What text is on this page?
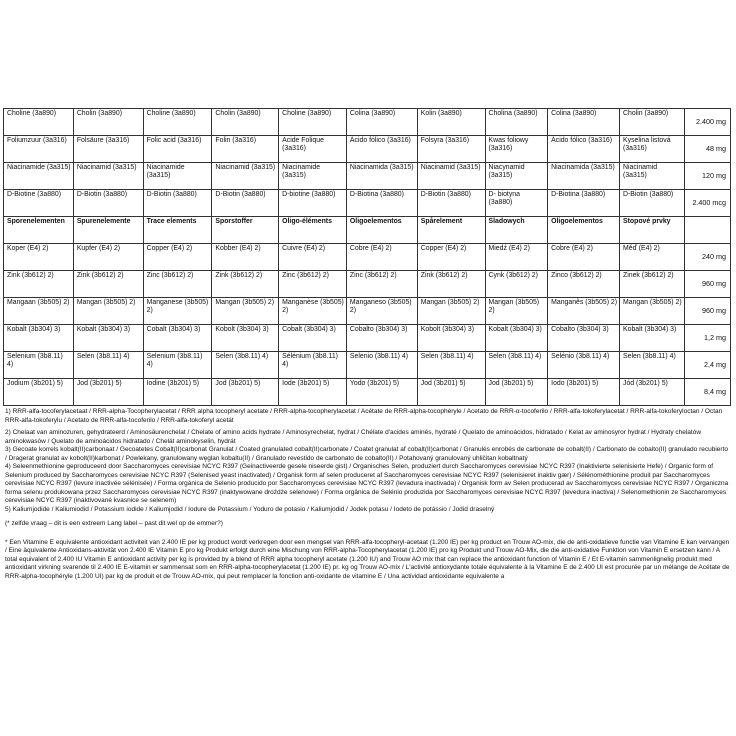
Choline (3a890)	Cholin (3a890)	Choline (3a890)	Cholin (3a890)	Choline (3a890)	Colina (3a890)	Kolin (3a890)	Cholina (3a890)	Colina (3a890)	Cholin (3a890)	2.400 mg
Foliumzuur (3a316)	Folsäure (3a316)	Folic acid (3a316)	Folin (3a316)	Acide Folique (3a316)	Ácido fólico (3a316)	Folsyra (3a316)	Kwas foliowy (3a316)	Ácido fólico (3a316)	Kyselina listová (3a316)	48 mg
Niacinamide (3a315)	Niacinamid (3a315)	Niacinamide (3a315)	Niacinamid (3a315)	Niacinamide (3a315)	Niacinamida (3a315)	Niacinamid (3a315)	Niacynamid (3a315)	Niacinamida (3a315)	Niacinamid (3a315)	120 mg
D-Biotine (3a880)	D-Biotin (3a880)	D-Biotin (3a880)	D-Biotin (3a880)	D-biotine (3a880)	D-Biotina (3a880)	D-Biotin (3a880)	D- biotyna (3a880)	D-Biotina (3a880)	D-Biotin (3a880)	2.400 mcg
Sporenelementen	Spurenelemente	Trace elements	Sporstoffer	Oligo-éléments	Oligoelementos	Spårelement	Śladowych	Oligoelementos	Stopové prvky	
Koper (E4) 2)	Kupfer (E4) 2)	Copper (E4) 2)	Kobber (E4) 2)	Cuivre (E4) 2)	Cobre (E4) 2)	Copper (E4) 2)	Miedź (E4) 2)	Cobre (E4) 2)	Měď (E4) 2)	240 mg
Zink (3b612) 2)	Zink (3b612) 2)	Zinc (3b612) 2)	Zink (3b612) 2)	Zinc (3b612) 2)	Zinc (3b612) 2)	Zink (3b612) 2)	Cynk (3b612) 2)	Zinco (3b612) 2)	Zinek (3b612) 2)	960 mg
Mangaan (3b505) 2)	Mangan (3b505) 2)	Manganese (3b505) 2)	Mangan (3b505) 2)	Manganèse (3b505) 2)	Manganeso (3b505) 2)	Mangan (3b505) 2)	Mangan (3b505) 2)	Manganês (3b505) 2)	Mangan (3b505) 2)	960 mg
Kobalt (3b304) 3)	Kobalt (3b304) 3)	Cobalt (3b304) 3)	Kobolt (3b304) 3)	Cobalt (3b304) 3)	Cobalto (3b304) 3)	Kobolt (3b304) 3)	Kobalt (3b304) 3)	Cobalto (3b304) 3)	Kobalt (3b304) 3)	1,2 mg
Selenium (3b8.11) 4)	Selen (3b8.11) 4)	Selenium (3b8.11) 4)	Selen (3b8.11) 4)	Sélénium (3b8.11) 4)	Selenio (3b8.11) 4)	Selen (3b8.11) 4)	Selen (3b8.11) 4)	Selénio (3b8.11) 4)	Selen (3b8.11) 4)	2,4 mg
Jodium (3b201) 5)	Jod (3b201) 5)	Iodine (3b201) 5)	Jod (3b201) 5)	Iode (3b201) 5)	Yodo (3b201) 5)	Jod (3b201) 5)	Jod (3b201) 5)	Iodo (3b201) 5)	Jód (3b201) 5)	8,4 mg

1) RRR-alfa-tocoferylacetaat / RRR-alpha-Tocopherylacetat / RRR alpha tocopheryl acetate / RRR-alpha-tocopherylacetat / Acétate de RRR-alpha-tocophéryle / Acetato de RRR-α-tocoferilo / RRR-alfa-tokoferylacetat / RRR-alfa-tokoferyloctan / Octan RRR-alfa-tokoferylu / Acetato de RRR-alfa-tocoferilo / RRR-alfa-tokoferyl acetát

2) Chelaat van aminozuren, gehydrateerd / Aminosäurenchelat / Chelate of amino acids hydrate / Aminosyrechelat, hydrat / Chélate d'acides aminés, hydraté / Quelato de aminoácidos, hidratado / Kelat av aminosyror hydrat / Hydraty chelatów aminokwasów / Quelato de aminoácidos hidratado / Chelát aminokyselin, hydrát

3) Gecoate korrels kobalt(II)carbonaat / Gecoatetes Cobalt(II)carbonat Granulat / Coated granulated cobalt(II)carbonate / Coatet granulat af cobalt(II)carbonat / Granulés enrobés de carbonate de cobalt(II) / Carbonato de cobalto(II) granulado recubierto / Dragerat granulat av kobolt(II)karbonat / Powlekany, granulowany węglan kobaltu(II) / Granulado revestido de carbonato de cobalto(II) / Potahovaný granulovaný uhličitan kobaltnatý

4) Seleenmethionine geproduceerd door Saccharomyces cerevisiae NCYC R397 (Geinactiveerde gesele niseerde gist) / Organisches Selen, produziert durch Saccharomyces cerevisiae NCYC R397 (Inaktivierte selenisierte Hefe) / Organic form of Selenium produced by Saccharomyces cerevisiae NCYC R397 (Selenised yeast inactivated) / Organisk form af selen produceret af Saccharomyces cerevisiae NCYC R397 (selenisieret inaktiv gær) / Sélénométhionine produit par Saccharomyces cerevisiae NCYC R397 (levure inactivée sélénisée) / Forma orgánica de Selenio producido por Saccharomyces cerevisiae NCYC R397 (levadura inactivada) / Organisk form av Selen producerad av Saccharomyces cerevisiae NCYC R397 / Organiczna forma selenu produkowana przez Saccharomyces cerevisiae NCYC R397 (inaktywowane drożdże selenowe) / Forma orgânica de Selénio produzida por Saccharomyces cerevisiae NCYC R397 (levedura inactiva) / Selenomethionin ze Saccharomyces cerevisiae NCYC R397 (inaktivované kvasnice se selenem)

5) Kaliumjodide / Kaliumiodid / Potassium iodide / Kaliumjodid / Iodure de Potassium / Yoduro de potasio / Kaliumjodid / Jodek potasu / Iodeto de potássio / Jodid draselný

(* zelfde vraag – dit is een extreem Lang label – past dit wel op de emmer?)

* Een Vitamine E equivalente antioxidant activiteit van 2.400 IE per kg product wordt verkregen door een mengsel van RRR-alfa-tocopheryl-acetaat (1.200 IE) per kg product en Trouw AO-mix, die de anti-oxidatieve functie van Vitamine E kan vervangen / Eine äquivalente Antioxidans-aktivität von 2.400 IE Vitamin E pro kg Produkt erfolgt durch eine Mischung von RRR-alpha-Tocopherylacetat (1.200 IE) pro kg Produkt und Trouw AO-Mix, die die anti-oxidative Funktion von Vitamin E ersetzen kann / A total equivalent of 2.400 IU Vitamin E antioxidant activity per kg is provided by a blend of RRR alpha tocopheryl acetate (1.200 IU) and Trouw AO mix that can replace the antioxidant function of Vitamin E / Et E-vitamin sammenlignelig produkt med antioxidant virkning svarende til 2.400 IE E-vitamin er sammensat som en RRR-alpha-tocopherylacetat (1.200 IE) pr. kg og Trouw AO-mix / L'activité antioxydante totale équivalente à la Vitamine E de 2.400 UI est procurée par un mélange de Acétate de RRR-alpha-tocophéryle (1.200 UI) par kg de produit et de Trouw AO-mix, qui peut remplacer la fonction anti-oxidante de vitamine E / Una actividad antioxidante equivalente a
